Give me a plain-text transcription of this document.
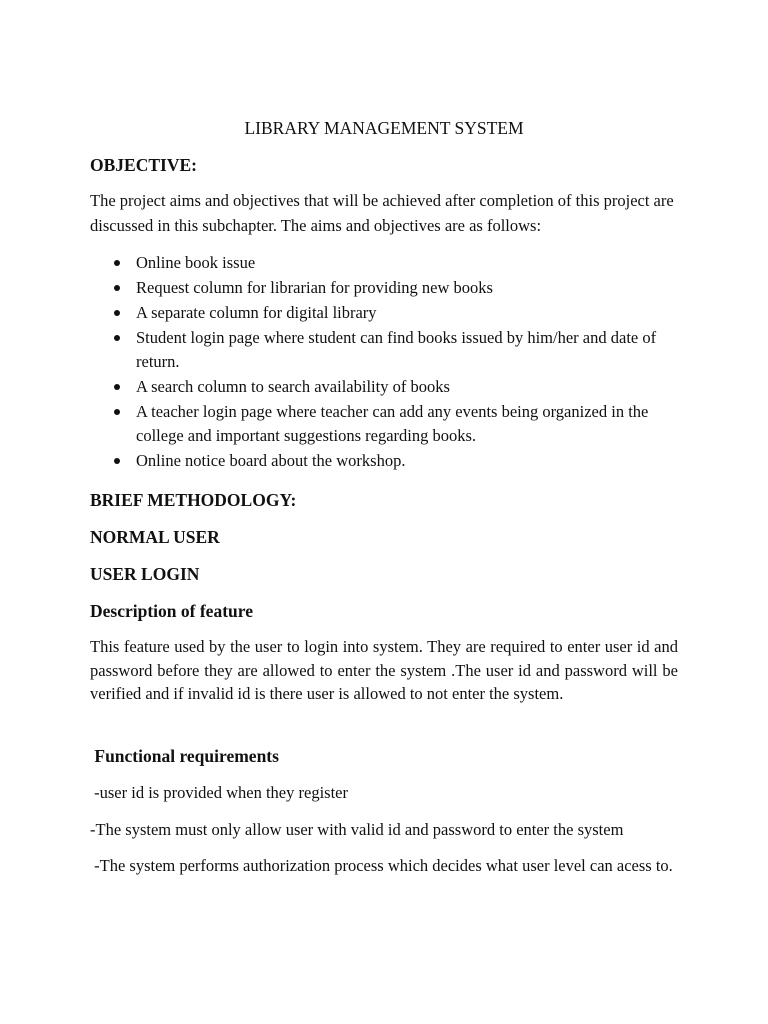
LIBRARY MANAGEMENT SYSTEM
OBJECTIVE:

The project aims and objectives that will be achieved after completion of this project are discussed in this subchapter. The aims and objectives are as follows:

Online book issue
Request column for librarian for providing new books
A separate column for digital library
Student login page where student can find books issued by him/her and date of return.
A search column to search availability of books
A teacher login page where teacher can add any events being organized in the college and important suggestions regarding books.
Online notice board about the workshop.
BRIEF METHODOLOGY:
NORMAL USER
USER LOGIN
Description of feature

This feature used by the user to login into system. They are required to enter user id and password before they are allowed to enter the system .The user id and password will be verified and if invalid id is there user is allowed to not enter the system.

Functional requirements

-user id is provided when they register

-The system must only allow user with valid id and password to enter the system

-The system performs authorization process which decides what user level can acess to.
